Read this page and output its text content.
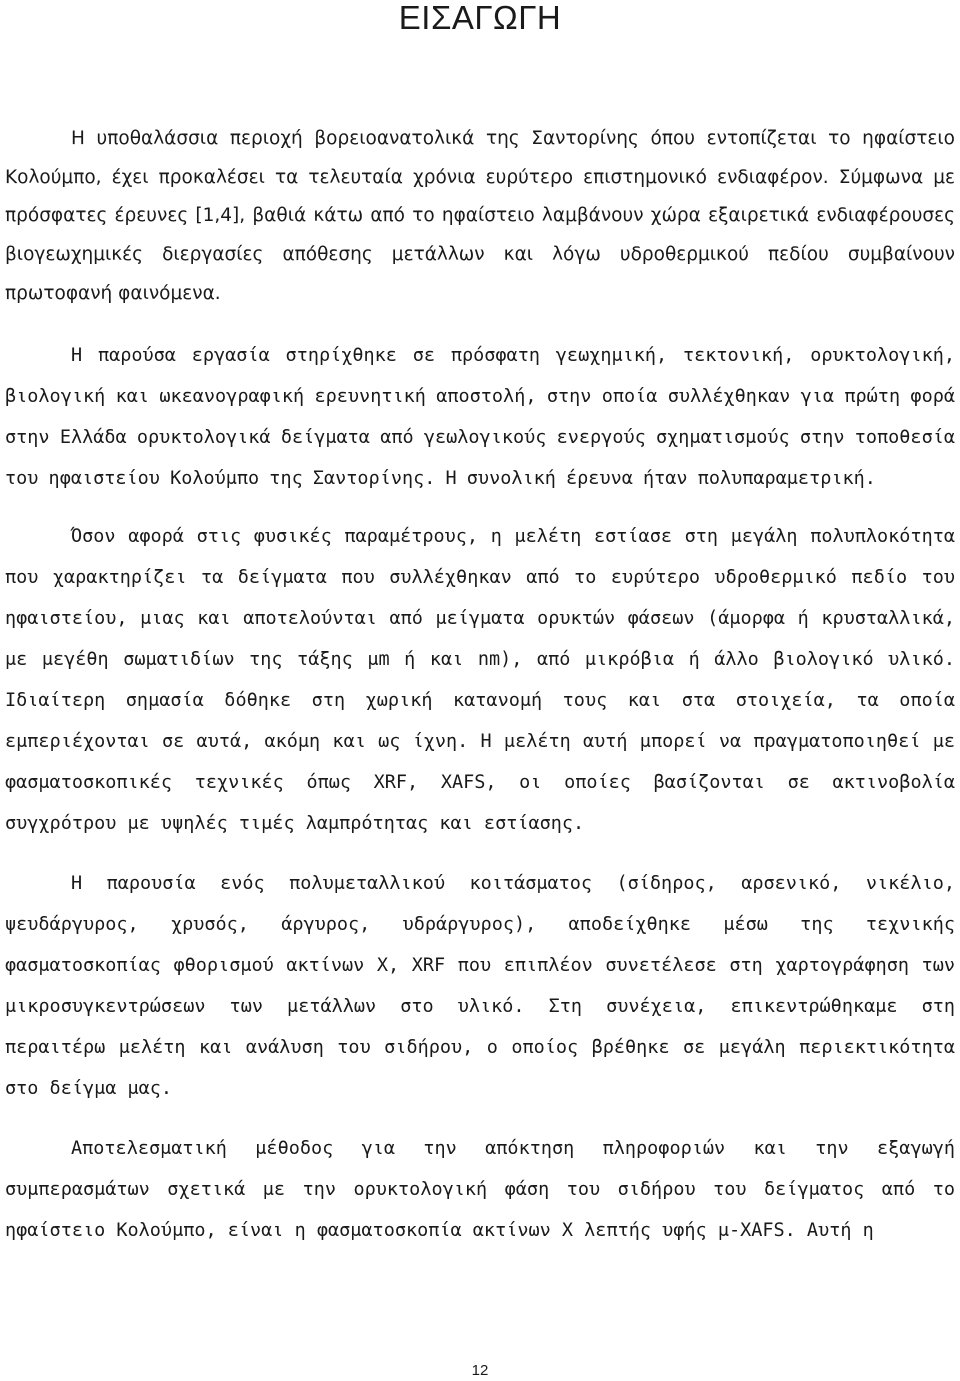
ΕΙΣΑΓΩΓΗ

Η υποθαλάσσια περιοχή βορειοανατολικά της Σαντορίνης όπου εντοπίζεται το ηφαίστειο Κολούμπο, έχει προκαλέσει τα τελευταία χρόνια ευρύτερο επιστημονικό ενδιαφέρον. Σύμφωνα με πρόσφατες έρευνες [1,4], βαθιά κάτω από το ηφαίστειο λαμβάνουν χώρα εξαιρετικά ενδιαφέρουσες βιογεωχημικές διεργασίες απόθεσης μετάλλων και λόγω υδροθερμικού πεδίου συμβαίνουν πρωτοφανή φαινόμενα.

Η παρούσα εργασία στηρίχθηκε σε πρόσφατη γεωχημική, τεκτονική, ορυκτολογική, βιολογική και ωκεανογραφική ερευνητική αποστολή, στην οποία συλλέχθηκαν για πρώτη φορά στην Ελλάδα ορυκτολογικά δείγματα από γεωλογικούς ενεργούς σχηματισμούς στην τοποθεσία του ηφαιστείου Κολούμπο της Σαντορίνης. Η συνολική έρευνα ήταν πολυπαραμετρική.

Όσον αφορά στις φυσικές παραμέτρους, η μελέτη εστίασε στη μεγάλη πολυπλοκότητα που χαρακτηρίζει τα δείγματα που συλλέχθηκαν από το ευρύτερο υδροθερμικό πεδίο του ηφαιστείου, μιας και αποτελούνται από μείγματα ορυκτών φάσεων (άμορφα ή κρυσταλλικά, με μεγέθη σωματιδίων της τάξης μm ή και nm), από μικρόβια ή άλλο βιολογικό υλικό. Ιδιαίτερη σημασία δόθηκε στη χωρική κατανομή τους και στα στοιχεία, τα οποία εμπεριέχονται σε αυτά, ακόμη και ως ίχνη. Η μελέτη αυτή μπορεί να πραγματοποιηθεί με φασματοσκοπικές τεχνικές όπως XRF, XAFS, οι οποίες βασίζονται σε ακτινοβολία συγχρότρου με υψηλές τιμές λαμπρότητας και εστίασης.

Η παρουσία ενός πολυμεταλλικού κοιτάσματος (σίδηρος, αρσενικό, νικέλιο, ψευδάργυρος, χρυσός, άργυρος, υδράργυρος), αποδείχθηκε μέσω της τεχνικής φασματοσκοπίας φθορισμού ακτίνων Χ, XRF που επιπλέον συνετέλεσε στη χαρτογράφηση των μικροσυγκεντρώσεων των μετάλλων στο υλικό. Στη συνέχεια, επικεντρώθηκαμε στη περαιτέρω μελέτη και ανάλυση του σιδήρου, ο οποίος βρέθηκε σε μεγάλη περιεκτικότητα στο δείγμα μας.

Αποτελεσματική μέθοδος για την απόκτηση πληροφοριών και την εξαγωγή συμπερασμάτων σχετικά με την ορυκτολογική φάση του σιδήρου του δείγματος από το ηφαίστειο Κολούμπο, είναι η φασματοσκοπία ακτίνων Χ λεπτής υφής μ-XAFS. Αυτή η

12
